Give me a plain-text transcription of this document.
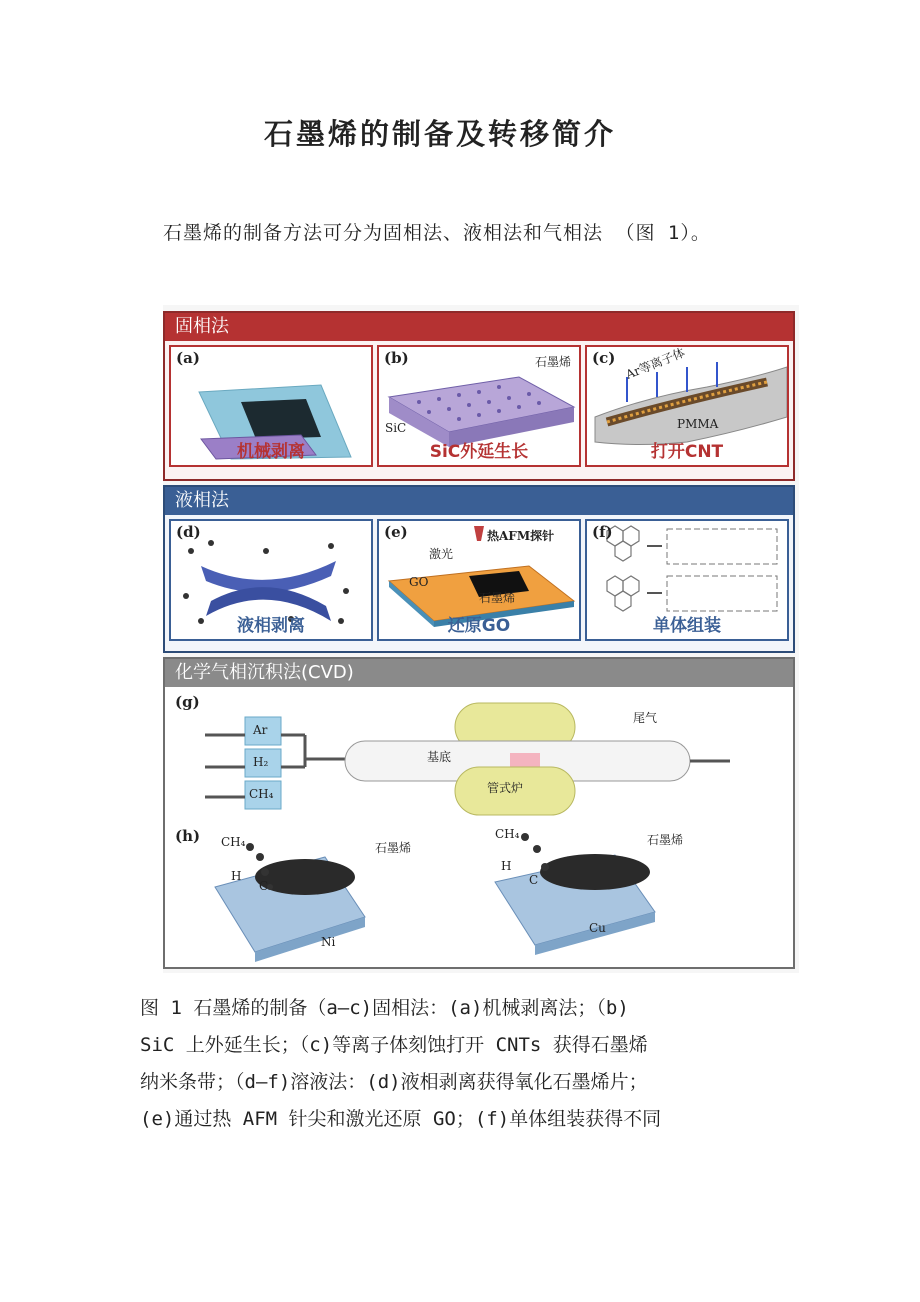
石墨烯的制备及转移简介
石墨烯的制备方法可分为固相法、液相法和气相法 （图 1）。
固相法
(a)
机械剥离
(b)	石墨烯
SiC
SiC外延生长
(c) Ar等离子体
PMMA
打开CNT
液相法
(d)
液相剥离
(e)	热AFM探针
激光
GO
石墨烯
还原GO
(f)
单体组装
化学气相沉积法(CVD)
(g)
Ar
H₂
CH₄
基底
尾气
管式炉
(h) CH₄
H
C
石墨烯
Ni
CH₄
H
C
石墨烯
Cu
图 1 石墨烯的制备（a—c)固相法：(a)机械剥离法；（b)
SiC 上外延生长；（c)等离子体刻蚀打开 CNTs 获得石墨烯
纳米条带；（d—f)溶液法：(d)液相剥离获得氧化石墨烯片；
(e)通过热 AFM 针尖和激光还原 GO；(f)单体组装获得不同
